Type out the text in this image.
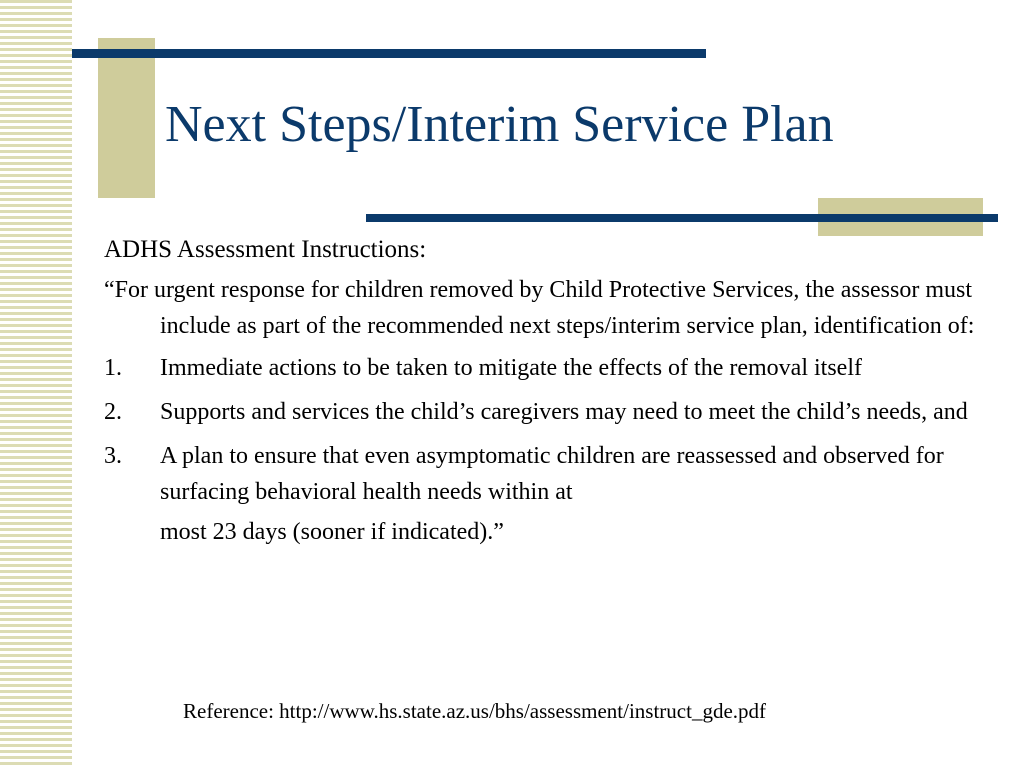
Next Steps/Interim Service Plan

ADHS Assessment Instructions:

“For urgent response for children removed by Child Protective Services, the assessor must include as part of the recommended next steps/interim service plan, identification of:

1.	Immediate actions to be taken to mitigate the effects of the removal itself
2.	Supports and services the child’s caregivers may need to meet the child’s needs, and
3.	A plan to ensure that even asymptomatic children are reassessed and observed for surfacing behavioral health needs within at
most 23 days (sooner if indicated).”

Reference: http://www.hs.state.az.us/bhs/assessment/instruct_gde.pdf
